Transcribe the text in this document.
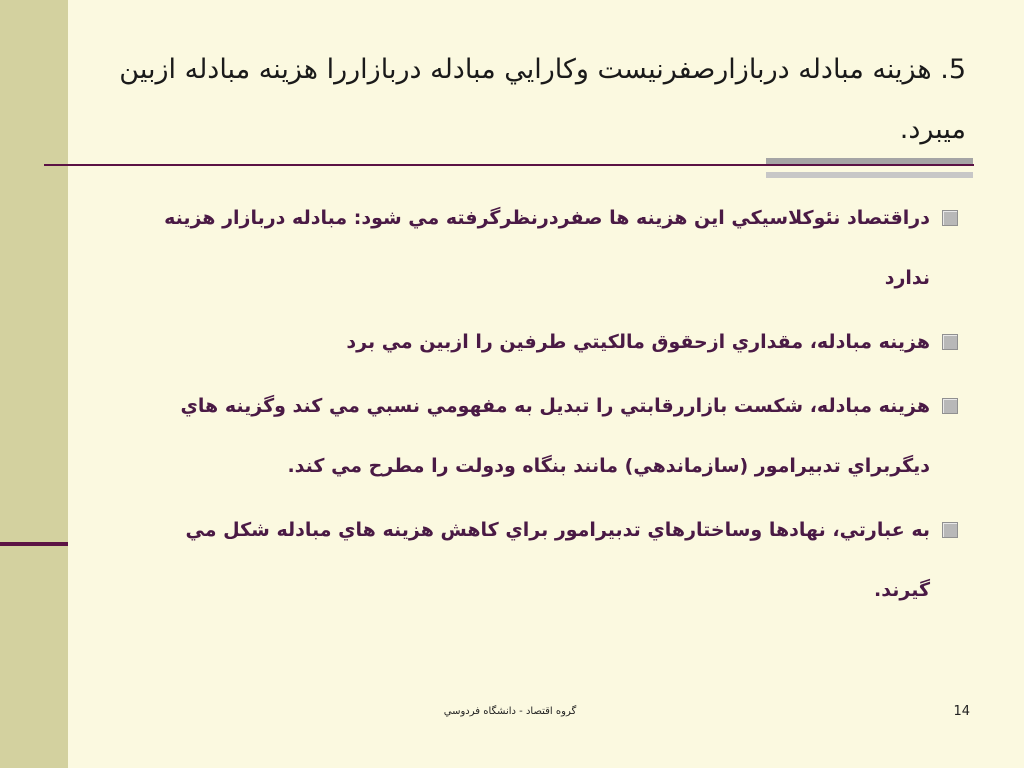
5. هزينه مبادله دربازارصفرنيست وكارايي مبادله دربازاررا هزينه مبادله ازبين ميبرد.
دراقتصاد نئوكلاسيكي اين هزينه ها صفردرنظرگرفته مي شود: مبادله دربازار هزينه ندارد
هزينه مبادله، مقداري ازحقوق مالكيتي طرفين را ازبين مي برد
هزينه مبادله، شكست بازاررقابتي را تبديل به مفهومي نسبي مي كند وگزينه هاي ديگربراي تدبيرامور (سازماندهي) مانند بنگاه ودولت را مطرح مي كند.
به عبارتي، نهادها وساختارهاي تدبيرامور براي كاهش هزينه هاي مبادله شكل مي گيرند.
گروه اقتصاد - دانشگاه فردوسي	14
